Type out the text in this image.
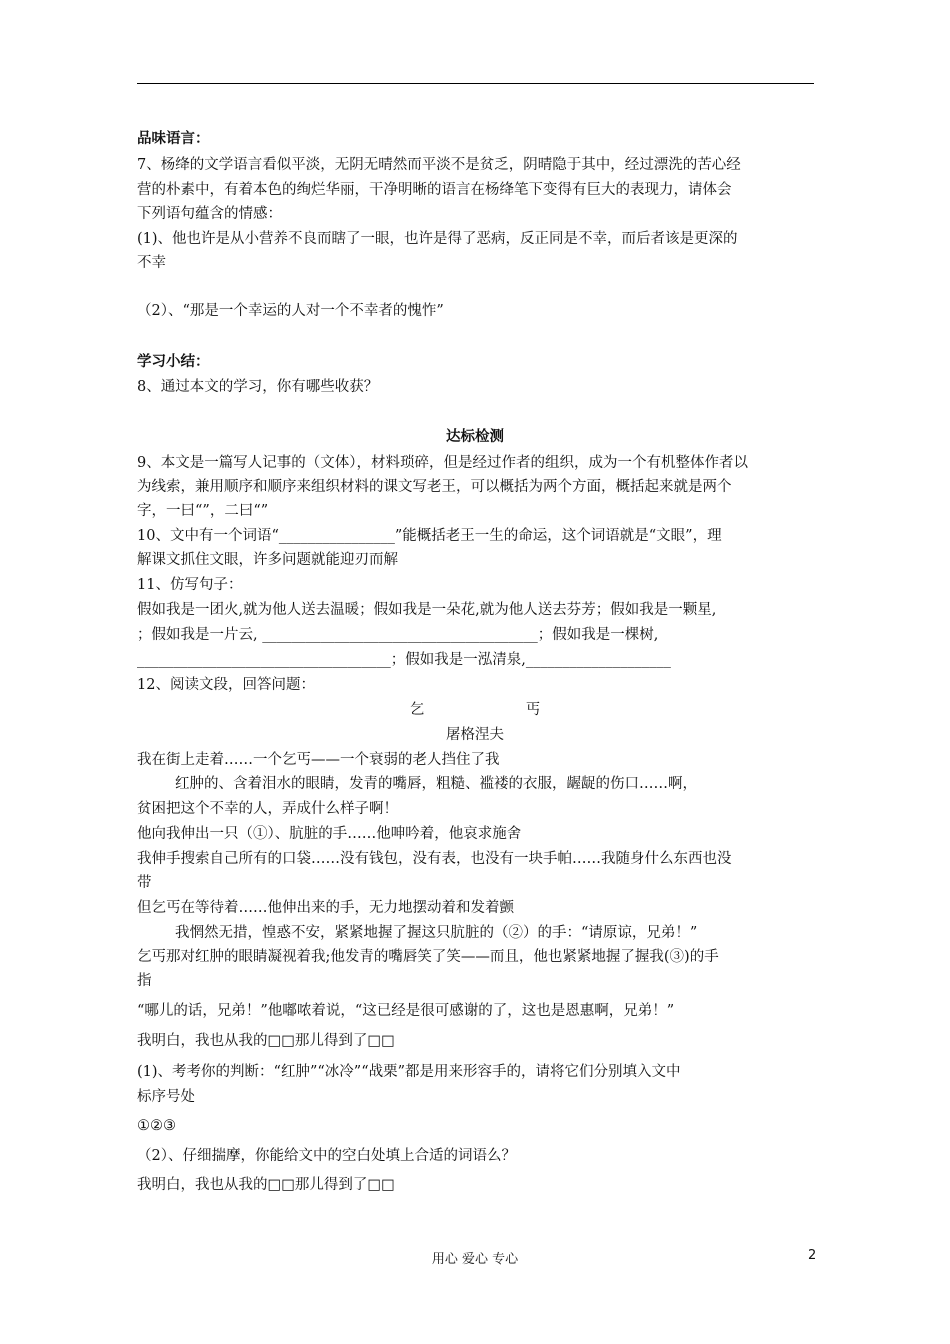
品味语言：
7、杨绛的文学语言看似平淡，无阴无晴然而平淡不是贫乏，阴晴隐于其中，经过漂洗的苦心经
营的朴素中，有着本色的绚烂华丽，干净明晰的语言在杨绛笔下变得有巨大的表现力，请体会
下列语句蕴含的情感：
(1)、他也许是从小营养不良而瞎了一眼，也许是得了恶病，反正同是不幸，而后者该是更深的
不幸
（2）、“那是一个幸运的人对一个不幸者的愧怍”
学习小结：
8、通过本文的学习，你有哪些收获？
达标检测
9、本文是一篇写人记事的（文体），材料琐碎，但是经过作者的组织，成为一个有机整体作者以
为线索，兼用顺序和顺序来组织材料的课文写老王，可以概括为两个方面，概括起来就是两个
字，一曰“”，二曰“”
10、文中有一个词语“________________”能概括老王一生的命运，这个词语就是“文眼”，理
解课文抓住文眼，许多问题就能迎刃而解
11、仿写句子：
假如我是一团火,就为他人送去温暖；假如我是一朵花,就为他人送去芬芳；假如我是一颗星,
；假如我是一片云, ______________________________________；假如我是一棵树,
___________________________________；假如我是一泓清泉,____________________
12、阅读文段，回答问题：
乞　　　　　　　丐
屠格涅夫
我在街上走着……一个乞丐——一个衰弱的老人挡住了我
红肿的、含着泪水的眼睛，发青的嘴唇，粗糙、褴褛的衣服，龌龊的伤口……啊，
贫困把这个不幸的人，弄成什么样子啊！
他向我伸出一只（①）、肮脏的手……他呻吟着，他哀求施舍
我伸手搜索自己所有的口袋……没有钱包，没有表，也没有一块手帕……我随身什么东西也没
带
但乞丐在等待着……他伸出来的手，无力地摆动着和发着颤
我惘然无措，惶惑不安，紧紧地握了握这只肮脏的（②）的手：“请原谅，兄弟！”
乞丐那对红肿的眼睛凝视着我;他发青的嘴唇笑了笑——而且，他也紧紧地握了握我(③)的手
指
“哪儿的话，兄弟！”他嘟哝着说，“这已经是很可感谢的了，这也是恩惠啊，兄弟！”
我明白，我也从我的□□那儿得到了□□
(1)、考考你的判断：“红肿”“冰冷”“战栗”都是用来形容手的，请将它们分别填入文中
标序号处
①②③
（2）、仔细揣摩，你能给文中的空白处填上合适的词语么？
我明白，我也从我的□□那儿得到了□□
用心 爱心 专心	2
